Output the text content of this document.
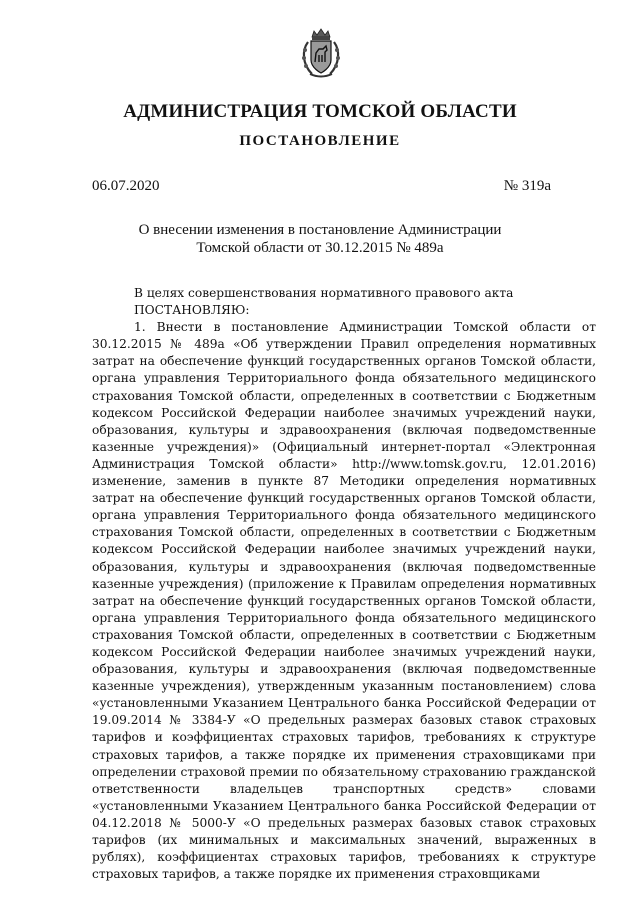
АДМИНИСТРАЦИЯ ТОМСКОЙ ОБЛАСТИ
ПОСТАНОВЛЕНИЕ
06.07.2020	№ 319а
О внесении изменения в постановление Администрации
Томской области от 30.12.2015 № 489а

В целях совершенствования нормативного правового акта

ПОСТАНОВЛЯЮ:

1. Внести в постановление Администрации Томской области от 30.12.2015 № 489а «Об утверждении Правил определения нормативных затрат на обеспечение функций государственных органов Томской области, органа управления Территориального фонда обязательного медицинского страхования Томской области, определенных в соответствии с Бюджетным кодексом Российской Федерации наиболее значимых учреждений науки, образования, культуры и здравоохранения (включая подведомственные казенные учреждения)» (Официальный интернет-портал «Электронная Администрация Томской области» http://www.tomsk.gov.ru, 12.01.2016) изменение, заменив в пункте 87 Методики определения нормативных затрат на обеспечение функций государственных органов Томской области, органа управления Территориального фонда обязательного медицинского страхования Томской области, определенных в соответствии с Бюджетным кодексом Российской Федерации наиболее значимых учреждений науки, образования, культуры и здравоохранения (включая подведомственные казенные учреждения) (приложение к Правилам определения нормативных затрат на обеспечение функций государственных органов Томской области, органа управления Территориального фонда обязательного медицинского страхования Томской области, определенных в соответствии с Бюджетным кодексом Российской Федерации наиболее значимых учреждений науки, образования, культуры и здравоохранения (включая подведомственные казенные учреждения), утвержденным указанным постановлением) слова «установленными Указанием Центрального банка Российской Федерации от 19.09.2014 № 3384-У «О предельных размерах базовых ставок страховых тарифов и коэффициентах страховых тарифов, требованиях к структуре страховых тарифов, а также порядке их применения страховщиками при определении страховой премии по обязательному страхованию гражданской ответственности владельцев транспортных средств» словами «установленными Указанием Центрального банка Российской Федерации от 04.12.2018 № 5000-У «О предельных размерах базовых ставок страховых тарифов (их минимальных и максимальных значений, выраженных в рублях), коэффициентах страховых тарифов, требованиях к структуре страховых тарифов, а также порядке их применения страховщиками
